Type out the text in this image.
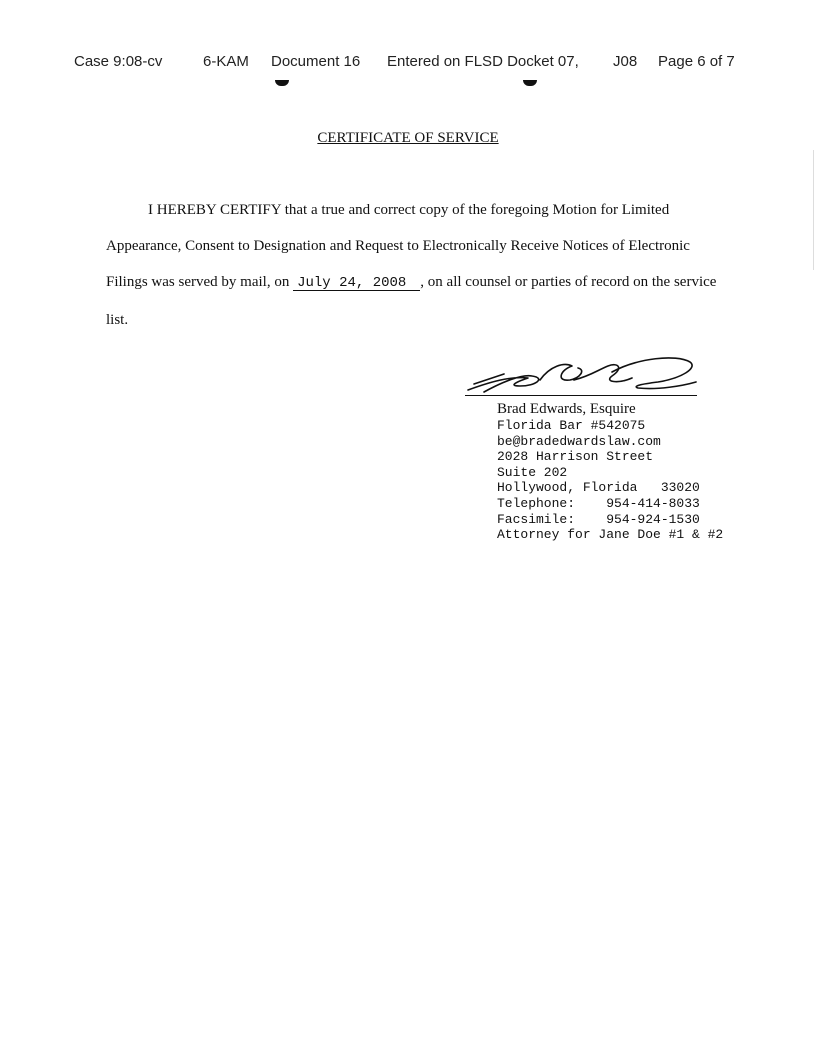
Case 9:08-cv	6-KAM Document 16 Entered on FLSD Docket 07, J08 Page 6 of 7
CERTIFICATE OF SERVICE
I HEREBY CERTIFY that a true and correct copy of the foregoing Motion for Limited
Appearance, Consent to Designation and Request to Electronically Receive Notices of Electronic
Filings was served by mail, on July 24, 2008 , on all counsel or parties of record on the service
list.
Brad Edwards, Esquire
Florida Bar #542075
be@bradedwardslaw.com
2028 Harrison Street
Suite 202
Hollywood, Florida   33020
Telephone:    954-414-8033
Facsimile:    954-924-1530
Attorney for Jane Doe #1 & #2
